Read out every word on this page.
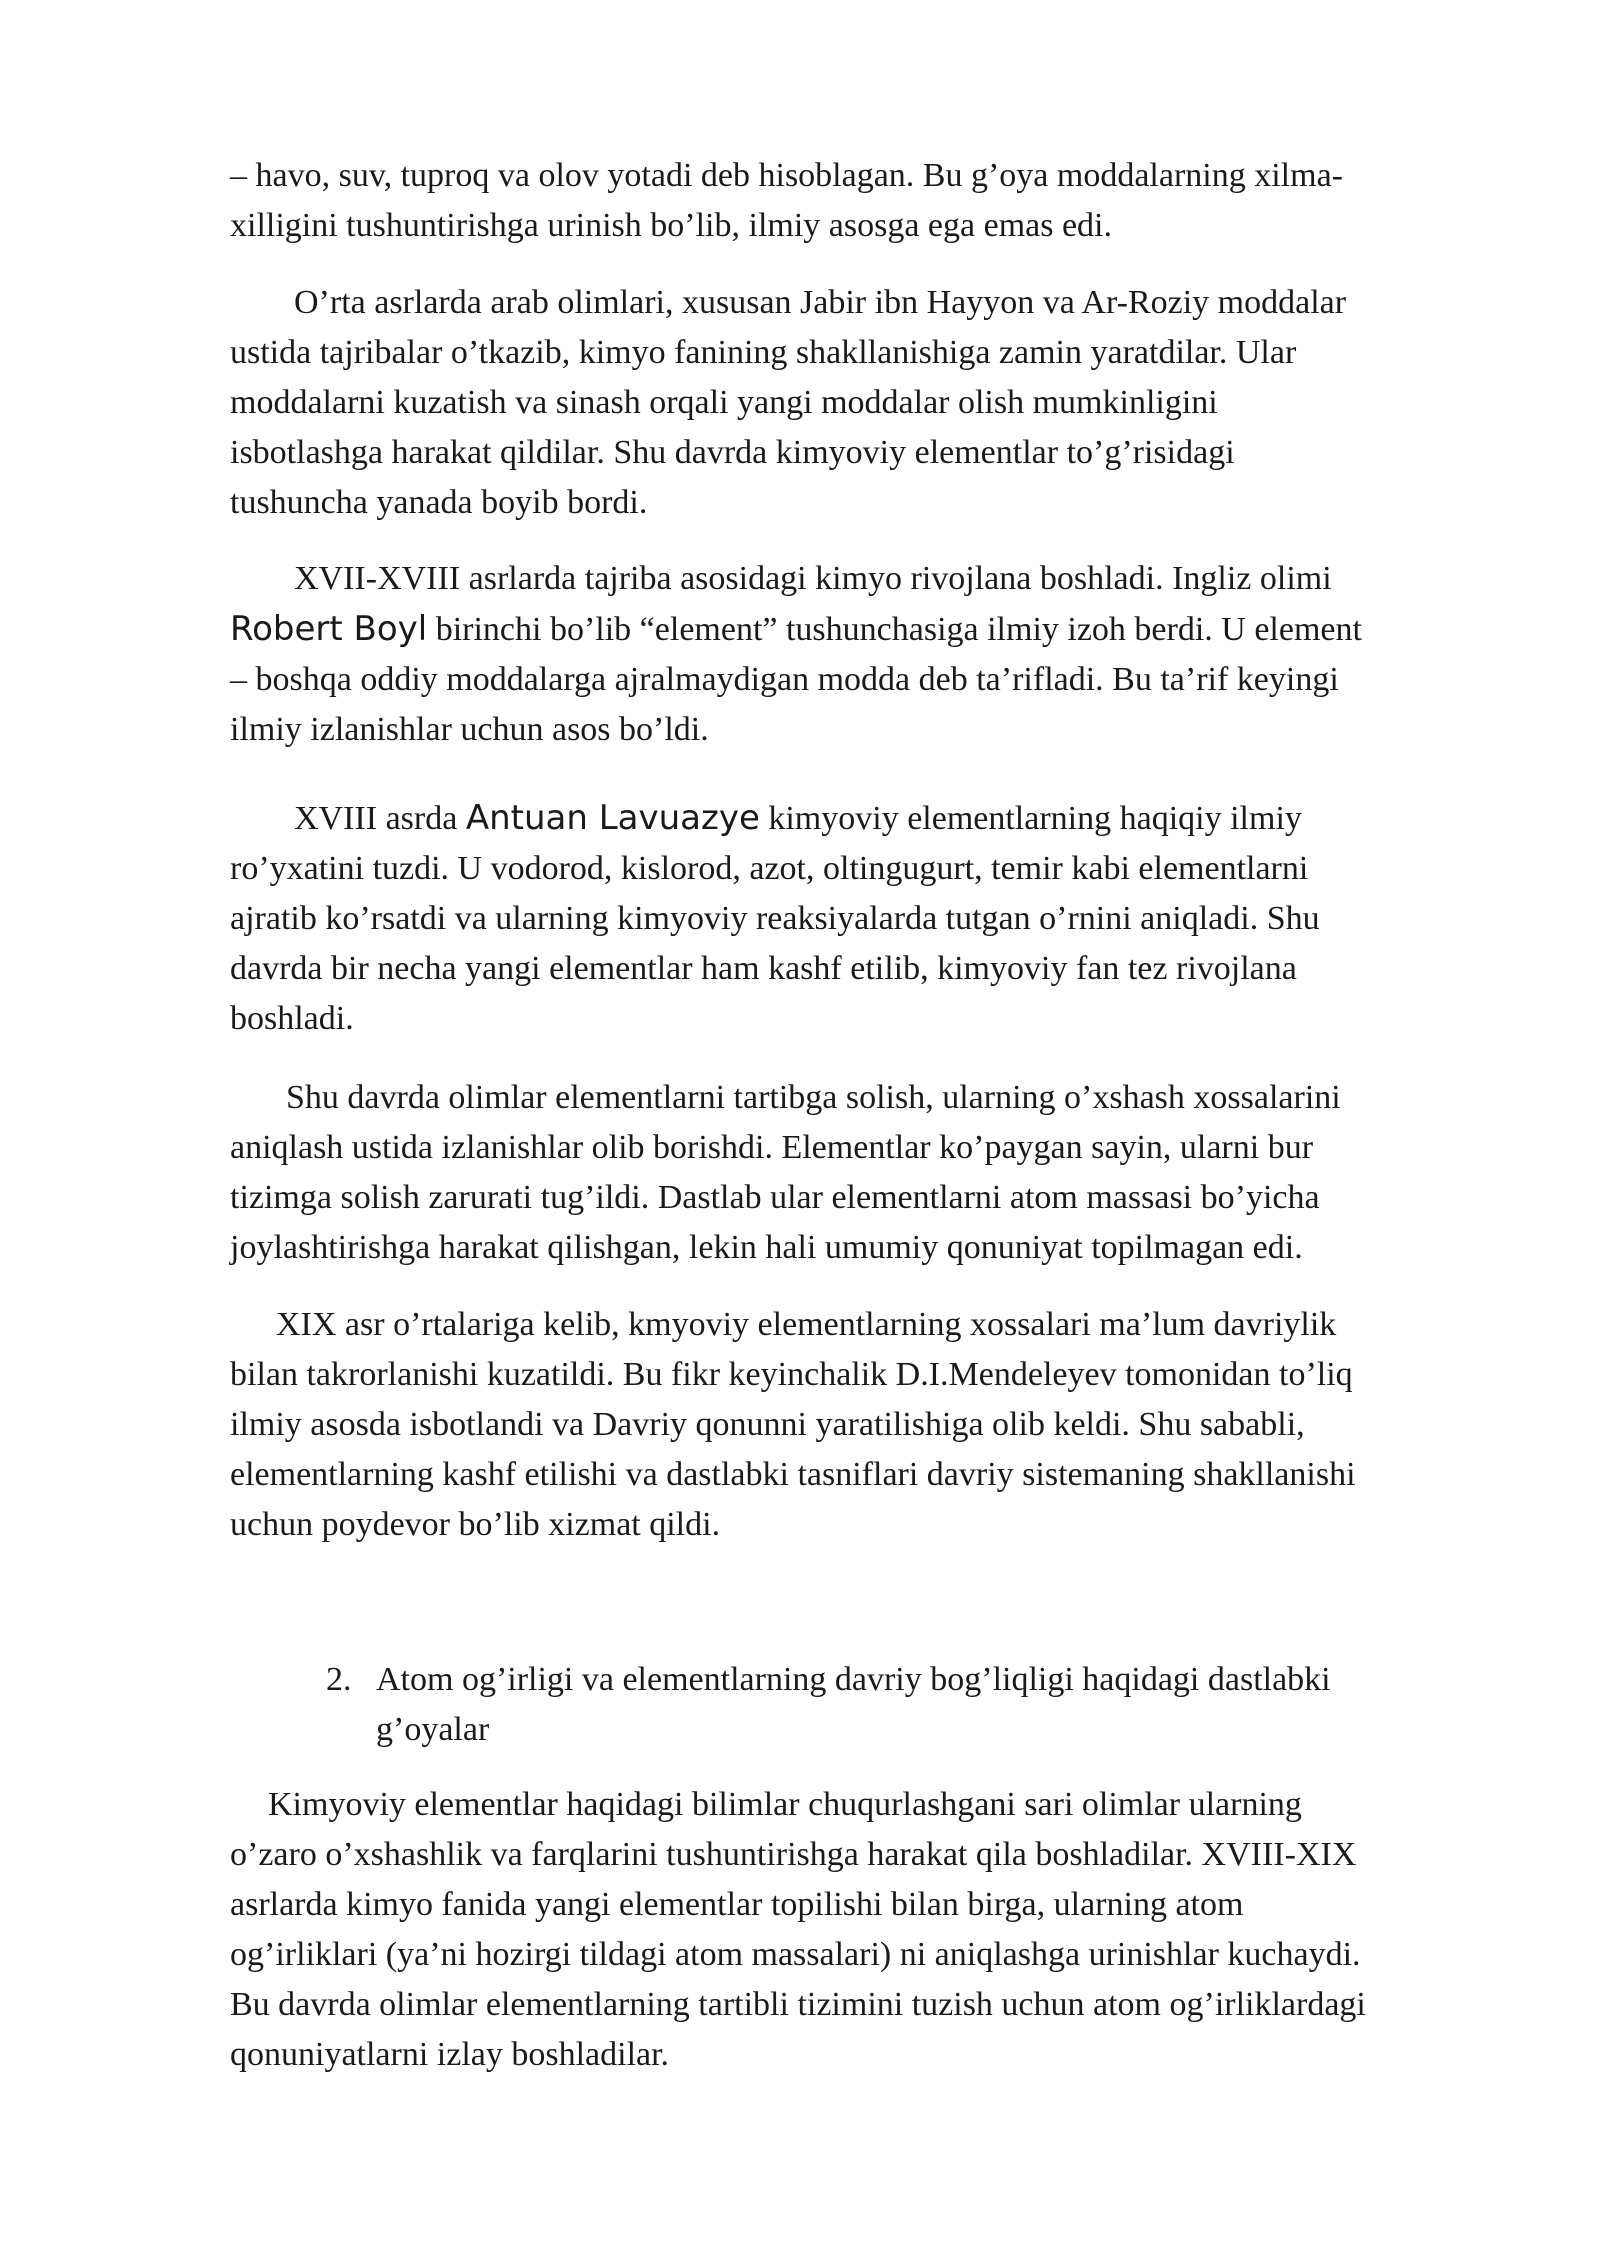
– havo, suv, tuproq va olov yotadi deb hisoblagan. Bu g’oya moddalarning xilma-
xilligini tushuntirishga urinish bo’lib, ilmiy asosga ega emas edi.
O’rta asrlarda arab olimlari, xususan Jabir ibn Hayyon va Ar-Roziy moddalar
ustida tajribalar o’tkazib, kimyo fanining shakllanishiga zamin yaratdilar. Ular
moddalarni kuzatish va sinash orqali yangi moddalar olish mumkinligini
isbotlashga harakat qildilar. Shu davrda kimyoviy elementlar to’g’risidagi
tushuncha yanada boyib bordi.
XVII-XVIII asrlarda tajriba asosidagi kimyo rivojlana boshladi. Ingliz olimi
Robert Boyl birinchi bo’lib “element” tushunchasiga ilmiy izoh berdi. U element
– boshqa oddiy moddalarga ajralmaydigan modda deb ta’rifladi. Bu ta’rif keyingi
ilmiy izlanishlar uchun asos bo’ldi.
XVIII asrda Antuan Lavuazye kimyoviy elementlarning haqiqiy ilmiy
ro’yxatini tuzdi. U vodorod, kislorod, azot, oltingugurt, temir kabi elementlarni
ajratib ko’rsatdi va ularning kimyoviy reaksiyalarda tutgan o’rnini aniqladi. Shu
davrda bir necha yangi elementlar ham kashf etilib, kimyoviy fan tez rivojlana
boshladi.
Shu davrda olimlar elementlarni tartibga solish, ularning o’xshash xossalarini
aniqlash ustida izlanishlar olib borishdi. Elementlar ko’paygan sayin, ularni bur
tizimga solish zarurati tug’ildi. Dastlab ular elementlarni atom massasi bo’yicha
joylashtirishga harakat qilishgan, lekin hali umumiy qonuniyat topilmagan edi.
XIX asr o’rtalariga kelib, kmyoviy elementlarning xossalari ma’lum davriylik
bilan takrorlanishi kuzatildi. Bu fikr keyinchalik D.I.Mendeleyev tomonidan to’liq
ilmiy asosda isbotlandi va Davriy qonunni yaratilishiga olib keldi. Shu sababli,
elementlarning kashf etilishi va dastlabki tasniflari davriy sistemaning shakllanishi
uchun poydevor bo’lib xizmat qildi.
2. Atom og’irligi va elementlarning davriy bog’liqligi haqidagi dastlabki
g’oyalar
Kimyoviy elementlar haqidagi bilimlar chuqurlashgani sari olimlar ularning
o’zaro o’xshashlik va farqlarini tushuntirishga harakat qila boshladilar. XVIII-XIX
asrlarda kimyo fanida yangi elementlar topilishi bilan birga, ularning atom
og’irliklari (ya’ni hozirgi tildagi atom massalari) ni aniqlashga urinishlar kuchaydi.
Bu davrda olimlar elementlarning tartibli tizimini tuzish uchun atom og’irliklardagi
qonuniyatlarni izlay boshladilar.
